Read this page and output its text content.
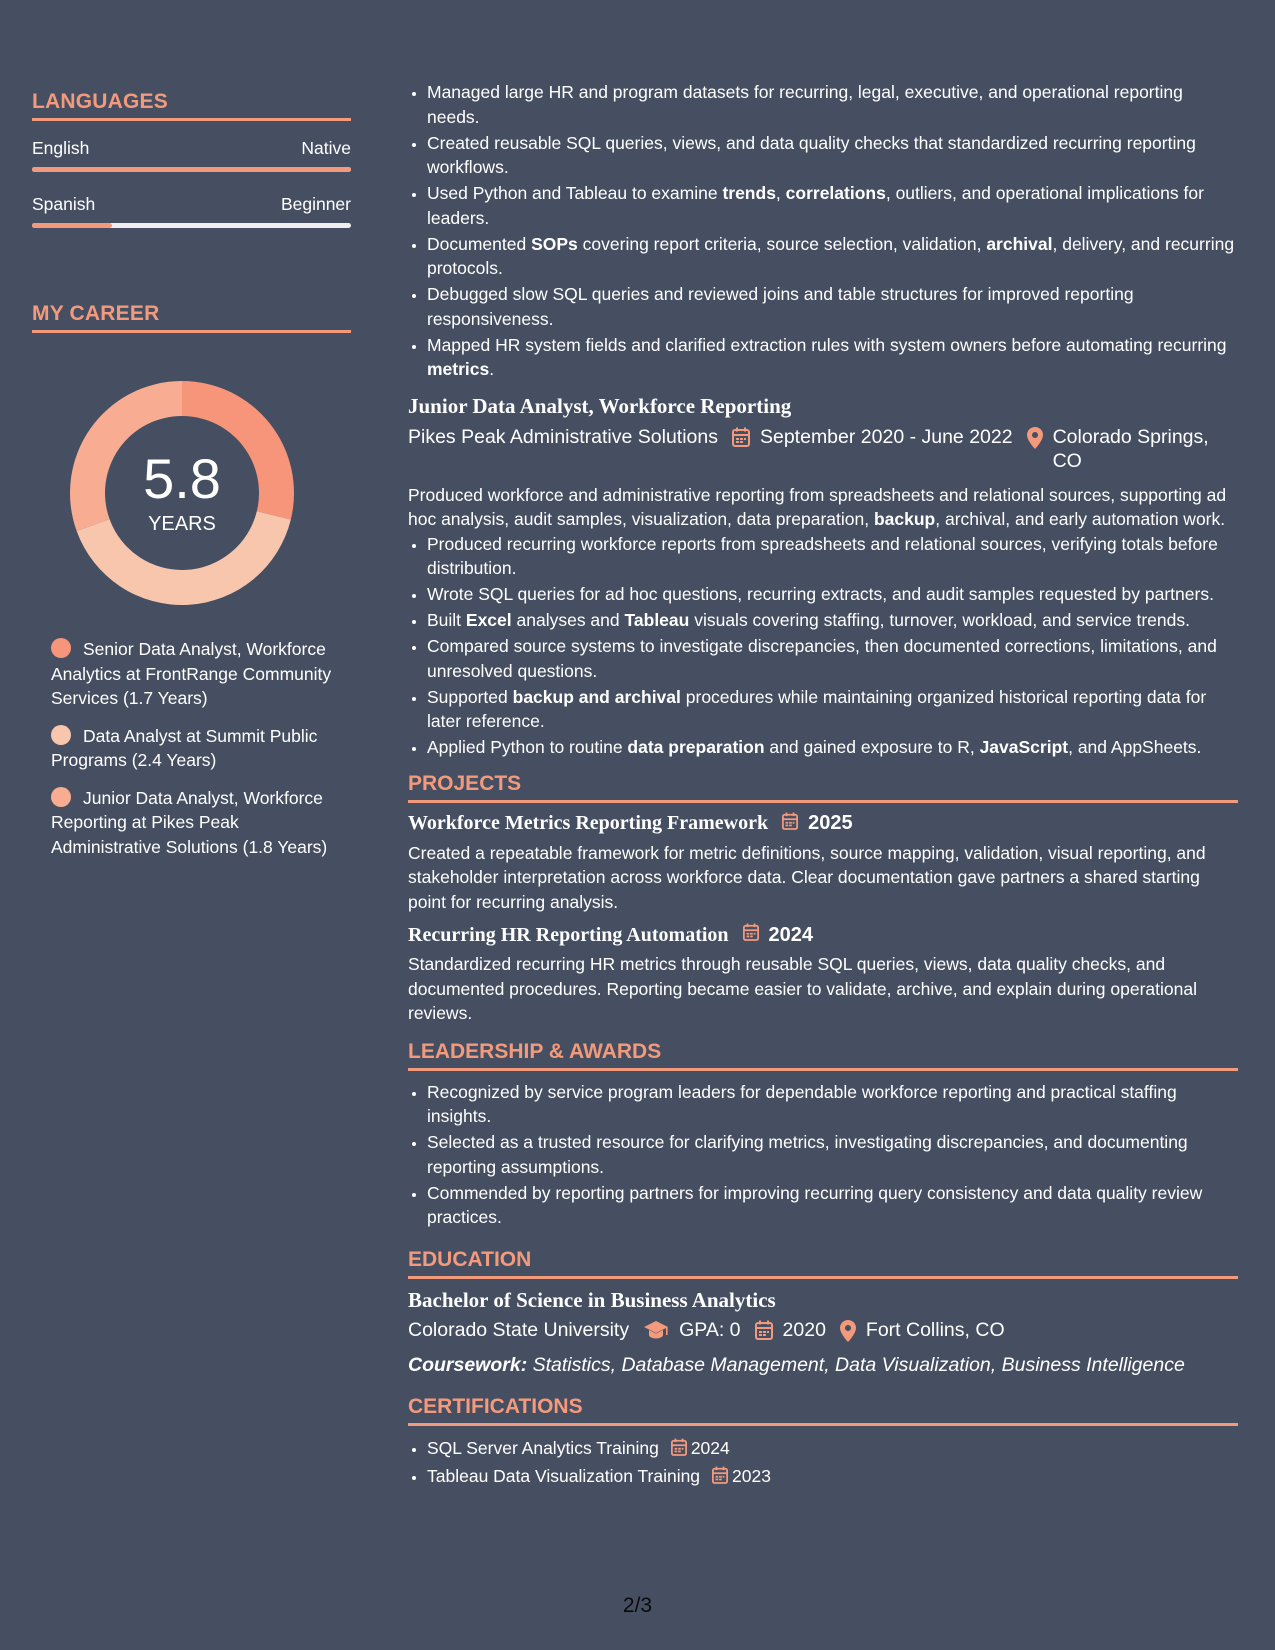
LANGUAGES
English	Native
Spanish	Beginner
MY CAREER
5.8
YEARS
Senior Data Analyst, Workforce Analytics at FrontRange Community Services (1.7 Years)
Data Analyst at Summit Public Programs (2.4 Years)
Junior Data Analyst, Workforce Reporting at Pikes Peak Administrative Solutions (1.8 Years)
• Managed large HR and program datasets for recurring, legal, executive, and operational reporting needs.
• Created reusable SQL queries, views, and data quality checks that standardized recurring reporting workflows.
• Used Python and Tableau to examine trends, correlations, outliers, and operational implications for leaders.
• Documented SOPs covering report criteria, source selection, validation, archival, delivery, and recurring protocols.
• Debugged slow SQL queries and reviewed joins and table structures for improved reporting responsiveness.
• Mapped HR system fields and clarified extraction rules with system owners before automating recurring metrics.
Junior Data Analyst, Workforce Reporting
Pikes Peak Administrative Solutions September 2020 - June 2022 Colorado Springs, CO
Produced workforce and administrative reporting from spreadsheets and relational sources, supporting ad hoc analysis, audit samples, visualization, data preparation, backup, archival, and early automation work.
• Produced recurring workforce reports from spreadsheets and relational sources, verifying totals before distribution.
• Wrote SQL queries for ad hoc questions, recurring extracts, and audit samples requested by partners.
• Built Excel analyses and Tableau visuals covering staffing, turnover, workload, and service trends.
• Compared source systems to investigate discrepancies, then documented corrections, limitations, and unresolved questions.
• Supported backup and archival procedures while maintaining organized historical reporting data for later reference.
• Applied Python to routine data preparation and gained exposure to R, JavaScript, and AppSheets.
PROJECTS
Workforce Metrics Reporting Framework 2025
Created a repeatable framework for metric definitions, source mapping, validation, visual reporting, and stakeholder interpretation across workforce data. Clear documentation gave partners a shared starting point for recurring analysis.
Recurring HR Reporting Automation 2024
Standardized recurring HR metrics through reusable SQL queries, views, data quality checks, and documented procedures. Reporting became easier to validate, archive, and explain during operational reviews.
LEADERSHIP & AWARDS
• Recognized by service program leaders for dependable workforce reporting and practical staffing insights.
• Selected as a trusted resource for clarifying metrics, investigating discrepancies, and documenting reporting assumptions.
• Commended by reporting partners for improving recurring query consistency and data quality review practices.
EDUCATION
Bachelor of Science in Business Analytics
Colorado State University	GPA: 0 2020 Fort Collins, CO
Coursework: Statistics, Database Management, Data Visualization, Business Intelligence
CERTIFICATIONS
• SQL Server Analytics Training 2024
• Tableau Data Visualization Training 2023
2/3
